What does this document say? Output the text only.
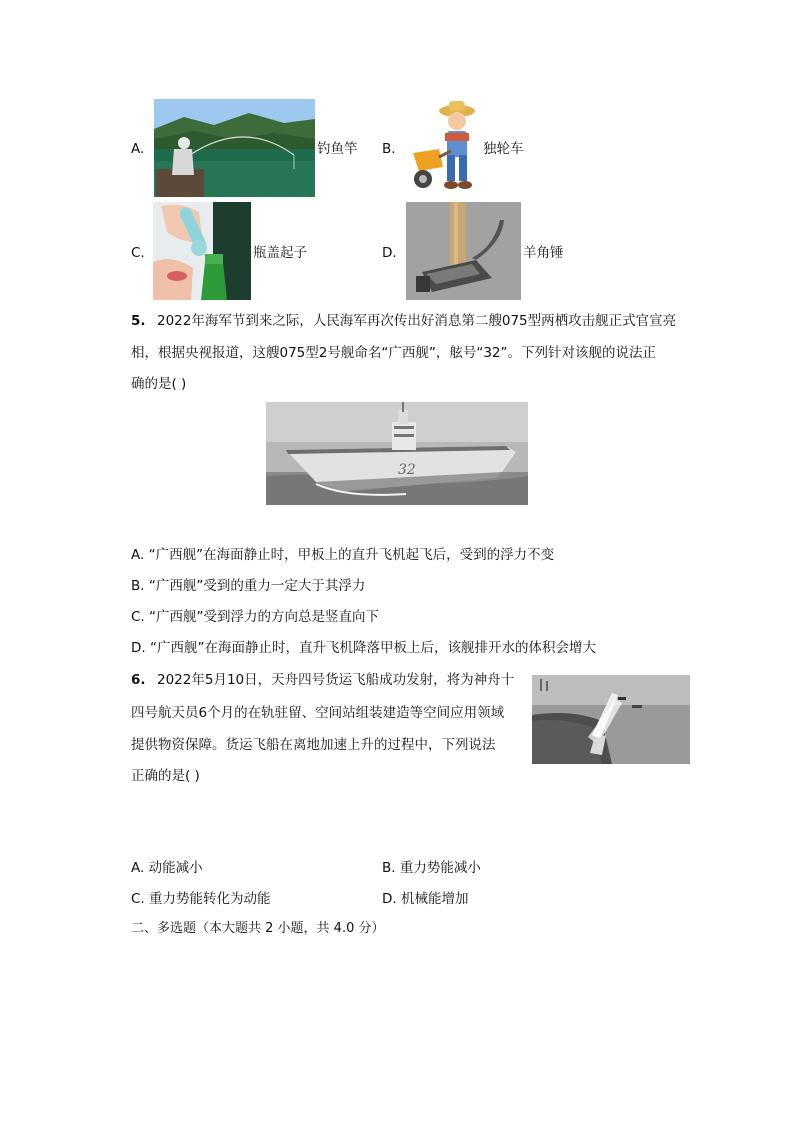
A.	钓鱼竿 B.	独轮车
C.	瓶盖起子	D.	羊角锤
5. 2022年海军节到来之际，人民海军再次传出好消息第二艘075型两栖攻击舰正式官宣亮
相，根据央视报道，这艘075型2号舰命名“广西舰”，舷号“32”。下列针对该舰的说法正
确的是( )
32
A. “广西舰”在海面静止时，甲板上的直升飞机起飞后，受到的浮力不变
B. “广西舰”受到的重力一定大于其浮力
C. “广西舰”受到浮力的方向总是竖直向下
D. “广西舰”在海面静止时，直升飞机降落甲板上后，该舰排开水的体积会增大
6. 2022年5月10日，天舟四号货运飞船成功发射，将为神舟十
四号航天员6个月的在轨驻留、空间站组装建造等空间应用领域
提供物资保障。货运飞船在离地加速上升的过程中，下列说法
正确的是( )
A. 动能减小	B. 重力势能减小
C. 重力势能转化为动能	D. 机械能增加
二、多选题（本大题共 2 小题，共 4.0 分）
